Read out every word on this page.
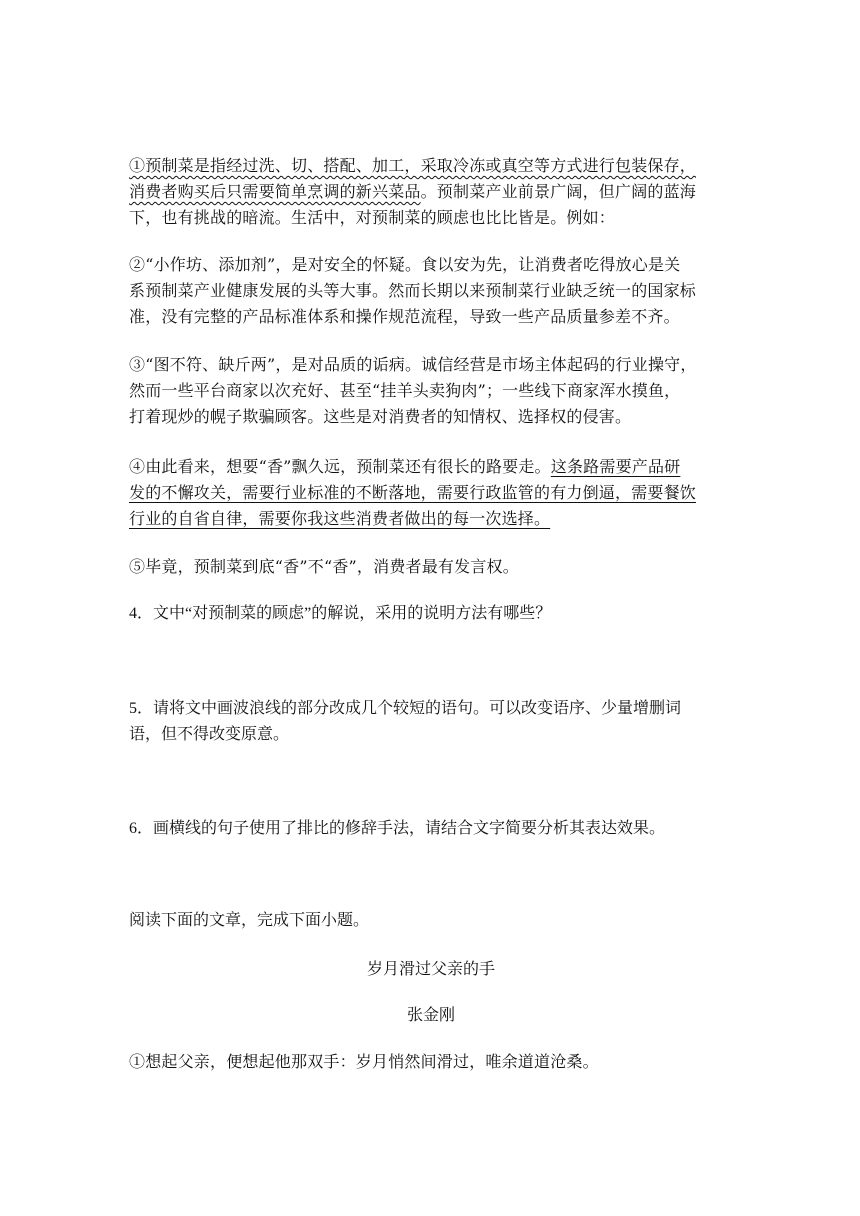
①预制菜是指经过洗、切、搭配、加工，采取冷冻或真空等方式进行包装保存，
消费者购买后只需要简单烹调的新兴菜品。预制菜产业前景广阔，但广阔的蓝海
下，也有挑战的暗流。生活中，对预制菜的顾虑也比比皆是。例如：
②“小作坊、添加剂”，是对安全的怀疑。食以安为先，让消费者吃得放心是关
系预制菜产业健康发展的头等大事。然而长期以来预制菜行业缺乏统一的国家标
准，没有完整的产品标准体系和操作规范流程，导致一些产品质量参差不齐。
③“图不符、缺斤两”，是对品质的诟病。诚信经营是市场主体起码的行业操守，
然而一些平台商家以次充好、甚至“挂羊头卖狗肉”；一些线下商家浑水摸鱼，
打着现炒的幌子欺骗顾客。这些是对消费者的知情权、选择权的侵害。
④由此看来，想要“香”飘久远，预制菜还有很长的路要走。这条路需要产品研
发的不懈攻关，需要行业标准的不断落地，需要行政监管的有力倒逼，需要餐饮
行业的自省自律，需要你我这些消费者做出的每一次选择。
⑤毕竟，预制菜到底“香”不“香”，消费者最有发言权。
4．文中“对预制菜的顾虑”的解说，采用的说明方法有哪些？
5．请将文中画波浪线的部分改成几个较短的语句。可以改变语序、少量增删词
语，但不得改变原意。
6．画横线的句子使用了排比的修辞手法，请结合文字简要分析其表达效果。
阅读下面的文章，完成下面小题。
岁月滑过父亲的手
张金刚
①想起父亲，便想起他那双手：岁月悄然间滑过，唯余道道沧桑。
